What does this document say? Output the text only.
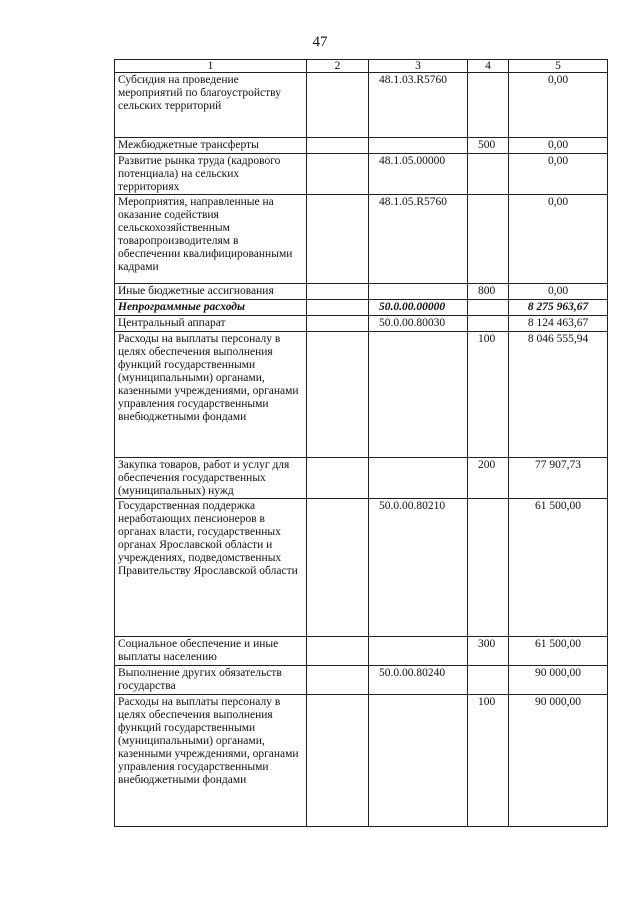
47
1	2	3	4	5
Субсидия на проведение мероприятий по благоустройству сельских территорий		48.1.03.R5760		0,00
Межбюджетные трансферты			500	0,00
Развитие рынка труда (кадрового потенциала) на сельских территориях		48.1.05.00000		0,00
Мероприятия, направленные на оказание содействия сельскохозяйственным товаропроизводителям в обеспечении квалифицированными кадрами		48.1.05.R5760		0,00
Иные бюджетные ассигнования			800	0,00
Непрограммные расходы		50.0.00.00000		8 275 963,67
Центральный аппарат		50.0.00.80030		8 124 463,67
Расходы на выплаты персоналу в целях обеспечения выполнения функций государственными (муниципальными) органами, казенными учреждениями, органами управления государственными внебюджетными фондами			100	8 046 555,94
Закупка товаров, работ и услуг для обеспечения государственных (муниципальных) нужд			200	77 907,73
Государственная поддержка неработающих пенсионеров в органах власти, государственных органах Ярославской области и учреждениях, подведомственных Правительству Ярославской области		50.0.00.80210		61 500,00
Социальное обеспечение и иные выплаты населению			300	61 500,00
Выполнение других обязательств государства		50.0.00.80240		90 000,00
Расходы на выплаты персоналу в целях обеспечения выполнения функций государственными (муниципальными) органами, казенными учреждениями, органами управления государственными внебюджетными фондами			100	90 000,00
